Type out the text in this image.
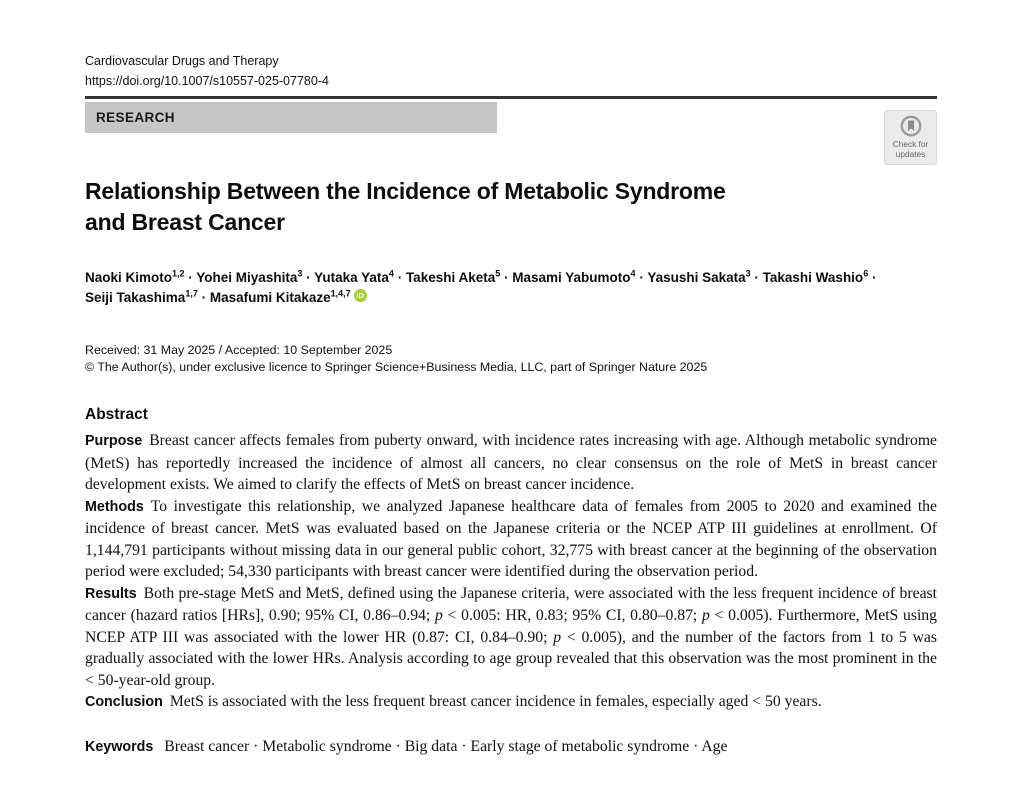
Cardiovascular Drugs and Therapy
https://doi.org/10.1007/s10557-025-07780-4
RESEARCH
Check for
updates
Relationship Between the Incidence of Metabolic Syndrome
and Breast Cancer
Naoki Kimoto$^{1,2}$ · Yohei Miyashita$^3$ · Yutaka Yata$^4$ · Takeshi Aketa$^5$ · Masami Yabumoto$^4$ · Yasushi Sakata$^3$ · Takashi Washio$^6$ · Seiji Takashima$^{1,7}$ · Masafumi Kitakaze$^{1,4,7}$ iD
Received: 31 May 2025 / Accepted: 10 September 2025
© The Author(s), under exclusive licence to Springer Science+Business Media, LLC, part of Springer Nature 2025
Abstract

Purpose Breast cancer affects females from puberty onward, with incidence rates increasing with age. Although metabolic syndrome (MetS) has reportedly increased the incidence of almost all cancers, no clear consensus on the role of MetS in breast cancer development exists. We aimed to clarify the effects of MetS on breast cancer incidence.

Methods To investigate this relationship, we analyzed Japanese healthcare data of females from 2005 to 2020 and examined the incidence of breast cancer. MetS was evaluated based on the Japanese criteria or the NCEP ATP III guidelines at enrollment. Of 1,144,791 participants without missing data in our general public cohort, 32,775 with breast cancer at the beginning of the observation period were excluded; 54,330 participants with breast cancer were identified during the observation period.

Results Both pre-stage MetS and MetS, defined using the Japanese criteria, were associated with the less frequent incidence of breast cancer (hazard ratios [HRs], 0.90; 95% CI, 0.86–0.94; p < 0.005: HR, 0.83; 95% CI, 0.80–0.87; p < 0.005). Furthermore, MetS using NCEP ATP III was associated with the lower HR (0.87: CI, 0.84–0.90; p < 0.005), and the number of the factors from 1 to 5 was gradually associated with the lower HRs. Analysis according to age group revealed that this observation was the most prominent in the < 50-year-old group.

Conclusion MetS is associated with the less frequent breast cancer incidence in females, especially aged < 50 years.

Keywords Breast cancer · Metabolic syndrome · Big data · Early stage of metabolic syndrome · Age
